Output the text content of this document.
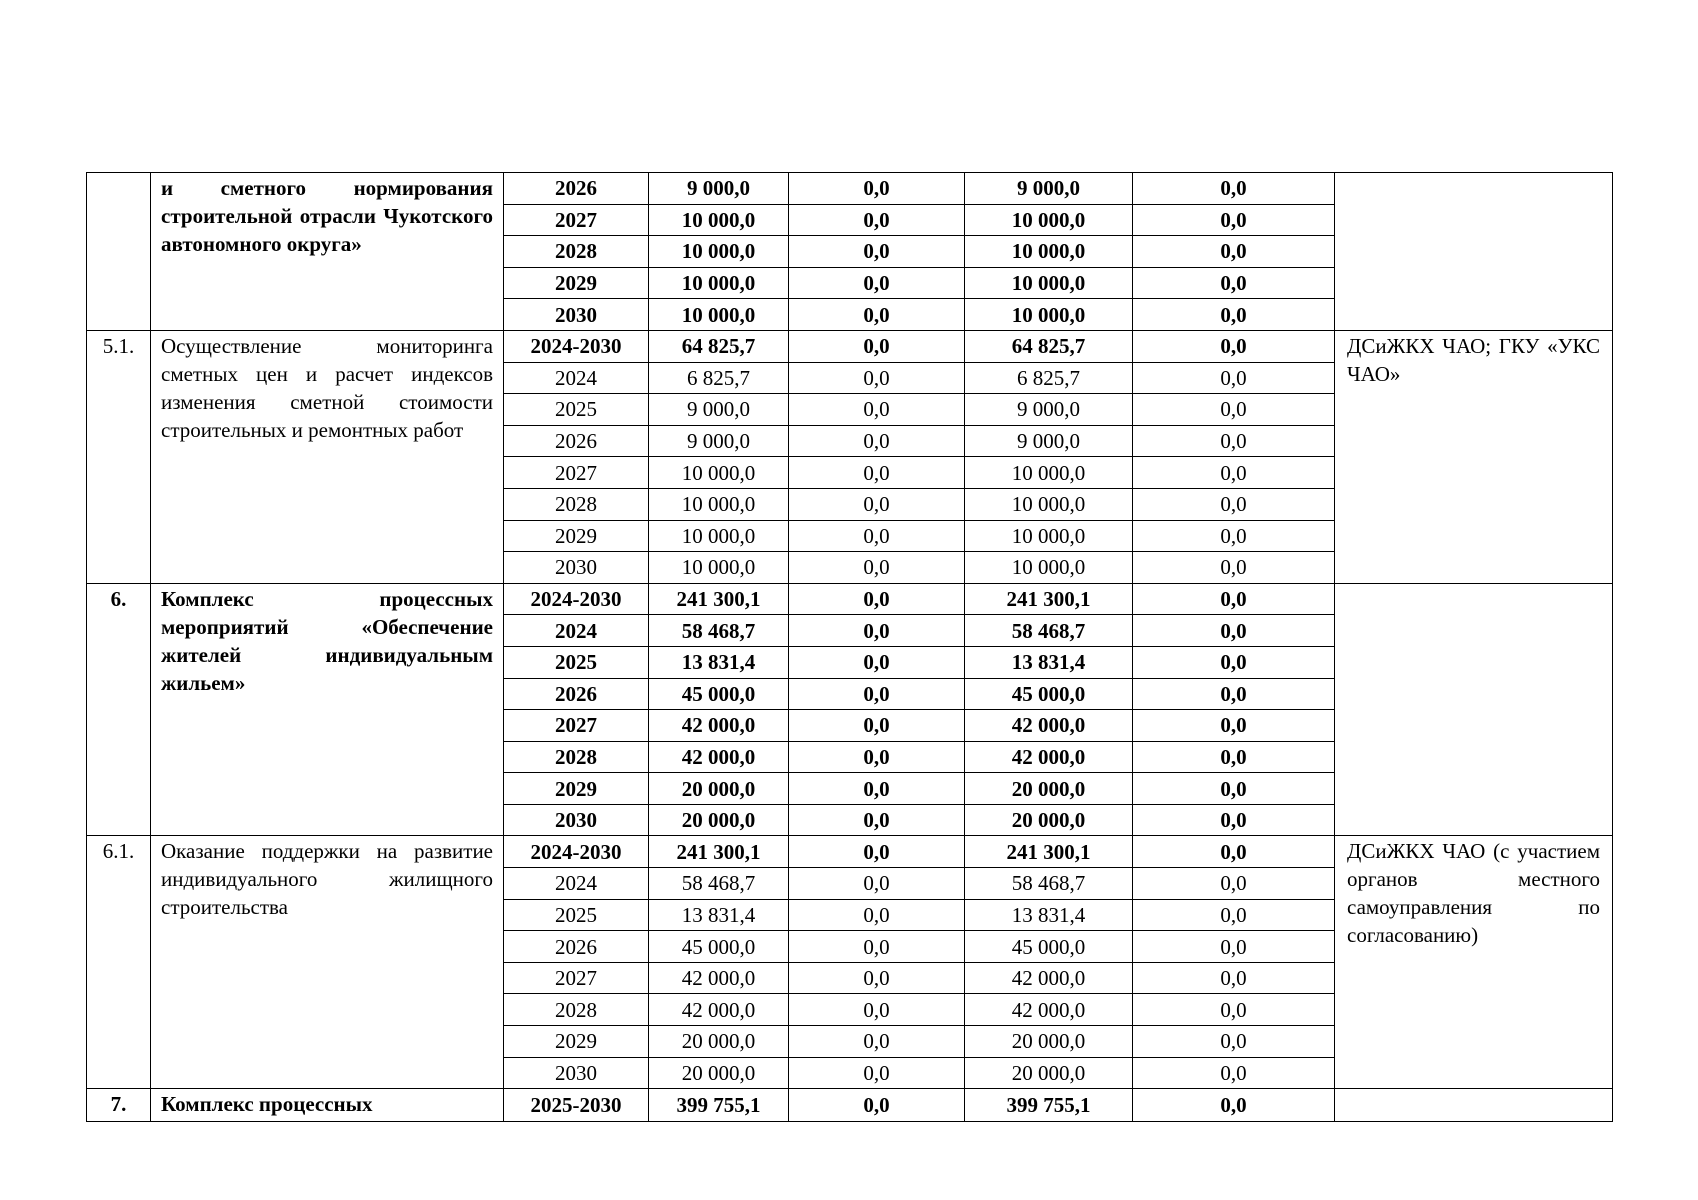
	и сметного нормирования строительной отрасли Чукотского автономного округа»	2026	9 000,0	0,0	9 000,0	0,0	

		2027	10 000,0	0,0	10 000,0	0,0	
		2028	10 000,0	0,0	10 000,0	0,0	
		2029	10 000,0	0,0	10 000,0	0,0	
		2030	10 000,0	0,0	10 000,0	0,0	
5.1.	Осуществление мониторинга сметных цен и расчет индексов изменения сметной стоимости строительных и ремонтных работ	2024-2030	64 825,7	0,0	64 825,7	0,0	ДСиЖКХ ЧАО; ГКУ «УКС ЧАО»

		2024	6 825,7	0,0	6 825,7	0,0	
		2025	9 000,0	0,0	9 000,0	0,0	
		2026	9 000,0	0,0	9 000,0	0,0	
		2027	10 000,0	0,0	10 000,0	0,0	
		2028	10 000,0	0,0	10 000,0	0,0	
		2029	10 000,0	0,0	10 000,0	0,0	
		2030	10 000,0	0,0	10 000,0	0,0	
6.	Комплекс процессных мероприятий «Обеспечение жителей индивидуальным жильем»	2024-2030	241 300,1	0,0	241 300,1	0,0	

		2024	58 468,7	0,0	58 468,7	0,0	
		2025	13 831,4	0,0	13 831,4	0,0	
		2026	45 000,0	0,0	45 000,0	0,0	
		2027	42 000,0	0,0	42 000,0	0,0	
		2028	42 000,0	0,0	42 000,0	0,0	
		2029	20 000,0	0,0	20 000,0	0,0	
		2030	20 000,0	0,0	20 000,0	0,0	
6.1.	Оказание поддержки на развитие индивидуального жилищного строительства	2024-2030	241 300,1	0,0	241 300,1	0,0	ДСиЖКХ ЧАО (с участием органов местного самоуправления по согласованию)

		2024	58 468,7	0,0	58 468,7	0,0	
		2025	13 831,4	0,0	13 831,4	0,0	
		2026	45 000,0	0,0	45 000,0	0,0	
		2027	42 000,0	0,0	42 000,0	0,0	
		2028	42 000,0	0,0	42 000,0	0,0	
		2029	20 000,0	0,0	20 000,0	0,0	
		2030	20 000,0	0,0	20 000,0	0,0	
7.	Комплекс процессных	2025-2030	399 755,1	0,0	399 755,1	0,0	
